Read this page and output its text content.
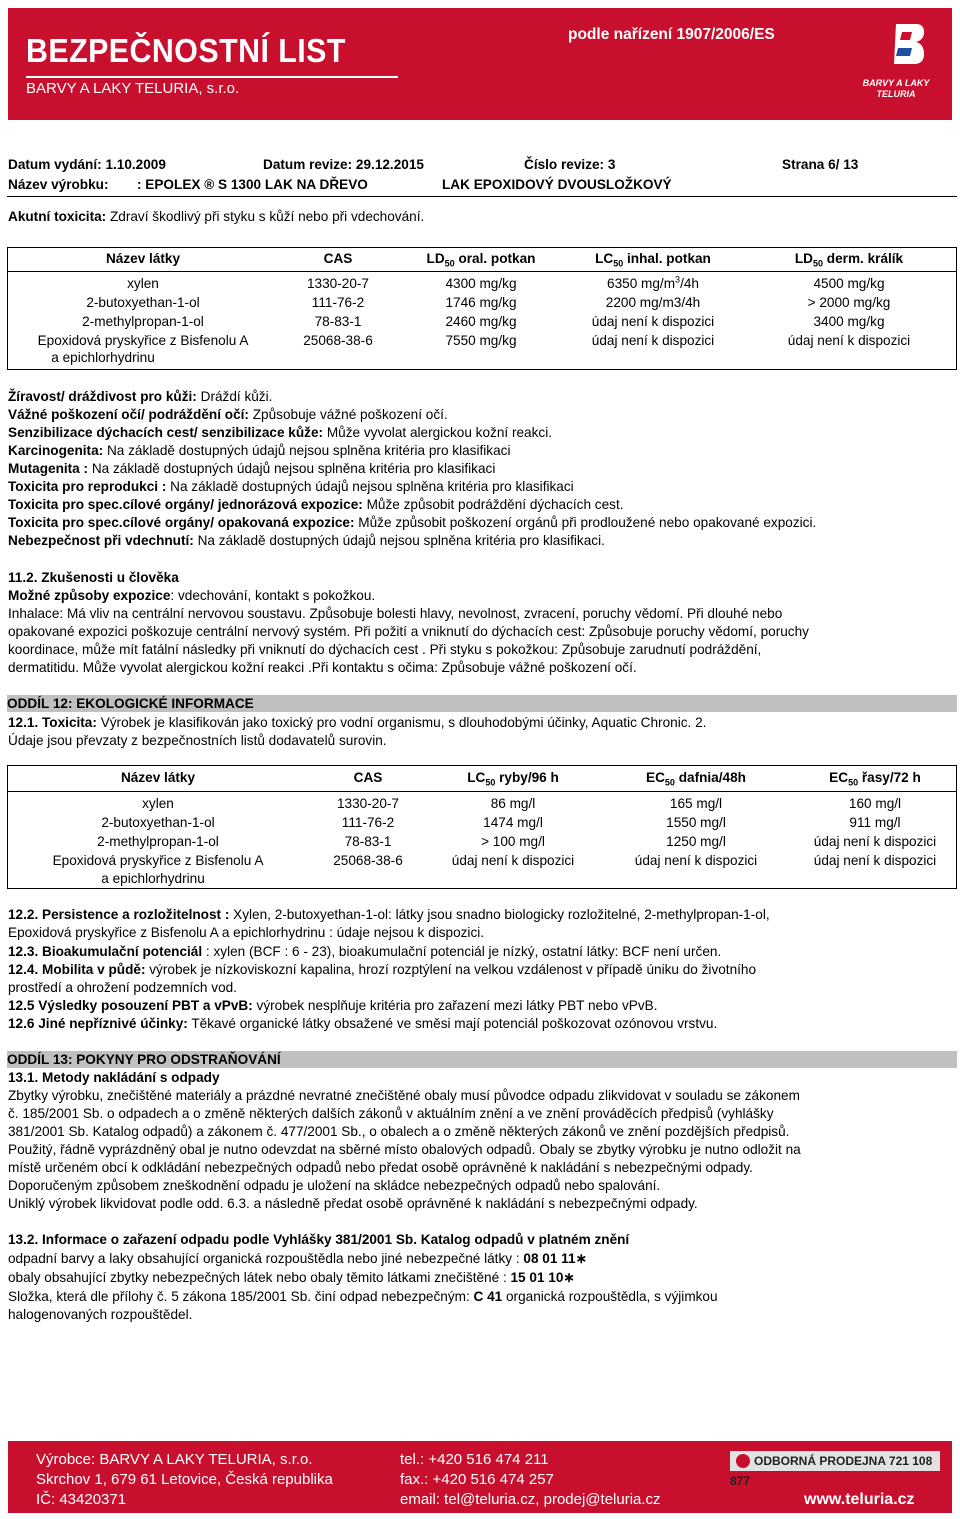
BEZPEČNOSTNÍ LIST
BARVY A LAKY TELURIA, s.r.o.
podle nařízení 1907/2006/ES
BARVY A LAKY
TELURIA
Datum vydání: 1.10.2009	Datum revize: 29.12.2015	Číslo revize: 3	Strana 6/ 13
Název výrobku: : EPOLEX ® S 1300 LAK NA DŘEVO	LAK EPOXIDOVÝ DVOUSLOŽKOVÝ
Akutní toxicita: Zdraví škodlivý při styku s kůží nebo při vdechování.
Název látky	CAS	$LD_{50}$ oral. potkan	$LC_{50}$ inhal. potkan	$LD_{50}$ derm. králík
xylen	1330-20-7	4300 mg/kg	6350 $mg/m^3/4h$	4500 mg/kg
2-butoxyethan-1-ol	111-76-2	1746 mg/kg	2200 mg/m3/4h	> 2000 mg/kg
2-methylpropan-1-ol	78-83-1	2460 mg/kg	údaj není k dispozici	3400 mg/kg
Epoxidová pryskyřice z Bisfenolu A
a epichlorhydrinu
25068-38-6	7550 mg/kg	údaj není k dispozici	údaj není k dispozici
Žíravost/ dráždivost pro kůži: Dráždí kůži.
Vážné poškození očí/ podráždění očí: Způsobuje vážné poškození očí.
Senzibilizace dýchacích cest/ senzibilizace kůže: Může vyvolat alergickou kožní reakci.
Karcinogenita: Na základě dostupných údajů nejsou splněna kritéria pro klasifikaci
Mutagenita : Na základě dostupných údajů nejsou splněna kritéria pro klasifikaci
Toxicita pro reprodukci : Na základě dostupných údajů nejsou splněna kritéria pro klasifikaci
Toxicita pro spec.cílové orgány/ jednorázová expozice: Může způsobit podráždění dýchacích cest.
Toxicita pro spec.cílové orgány/ opakovaná expozice: Může způsobit poškození orgánů při prodloužené nebo opakované expozici.
Nebezpečnost při vdechnutí: Na základě dostupných údajů nejsou splněna kritéria pro klasifikaci.
11.2. Zkušenosti u člověka
Možné způsoby expozice: vdechování, kontakt s pokožkou.
Inhalace: Má vliv na centrální nervovou soustavu. Způsobuje bolesti hlavy, nevolnost, zvracení, poruchy vědomí. Při dlouhé nebo
opakované expozici poškozuje centrální nervový systém. Při požití a vniknutí do dýchacích cest: Způsobuje poruchy vědomí, poruchy
koordinace, může mít fatální následky při vniknutí do dýchacích cest . Při styku s pokožkou: Způsobuje zarudnutí podráždění,
dermatitidu. Může vyvolat alergickou kožní reakci .Při kontaktu s očima: Způsobuje vážné poškození očí.
ODDÍL 12: EKOLOGICKÉ INFORMACE
12.1. Toxicita: Výrobek je klasifikován jako toxický pro vodní organismu, s dlouhodobými účinky, Aquatic Chronic. 2.
Údaje jsou převzaty z bezpečnostních listů dodavatelů surovin.
Název látky	CAS	$LC_{50}$ ryby/96 h	$EC_{50}$ dafnia/48h	$EC_{50}$ řasy/72 h
xylen	1330-20-7	86 mg/l	165 mg/l	160 mg/l
2-butoxyethan-1-ol	111-76-2	1474 mg/l	1550 mg/l	911 mg/l
2-methylpropan-1-ol	78-83-1	> 100 mg/l	1250 mg/l	údaj není k dispozici
Epoxidová pryskyřice z Bisfenolu A
a epichlorhydrinu
25068-38-6	údaj není k dispozici	údaj není k dispozici	údaj není k dispozici
12.2. Persistence a rozložitelnost : Xylen, 2-butoxyethan-1-ol: látky jsou snadno biologicky rozložitelné, 2-methylpropan-1-ol,
Epoxidová pryskyřice z Bisfenolu A a epichlorhydrinu : údaje nejsou k dispozici.
12.3. Bioakumulační potenciál : xylen (BCF : 6 - 23), bioakumulační potenciál je nízký, ostatní látky: BCF není určen.
12.4. Mobilita v půdě: výrobek je nízkoviskozní kapalina, hrozí rozptýlení na velkou vzdálenost v případě úniku do životního
prostředí a ohrožení podzemních vod.
12.5 Výsledky posouzení PBT a vPvB: výrobek nesplňuje kritéria pro zařazení mezi látky PBT nebo vPvB.
12.6 Jiné nepříznivé účinky: Těkavé organické látky obsažené ve směsi mají potenciál poškozovat ozónovou vrstvu.
ODDÍL 13: POKYNY PRO ODSTRAŇOVÁNÍ
13.1. Metody nakládání s odpady
Zbytky výrobku, znečištěné materiály a prázdné nevratné znečištěné obaly musí původce odpadu zlikvidovat v souladu se zákonem
č. 185/2001 Sb. o odpadech a o změně některých dalších zákonů v aktuálním znění a ve znění prováděcích předpisů (vyhlášky
381/2001 Sb. Katalog odpadů) a zákonem č. 477/2001 Sb., o obalech a o změně některých zákonů ve znění pozdějších předpisů.
Použitý, řádně vyprázdněný obal je nutno odevzdat na sběrné místo obalových odpadů. Obaly se zbytky výrobku je nutno odložit na
místě určeném obcí k odkládání nebezpečných odpadů nebo předat osobě oprávněné k nakládání s nebezpečnými odpady.
Doporučeným způsobem zneškodnění odpadu je uložení na skládce nebezpečných odpadů nebo spalování.
Uniklý výrobek likvidovat podle odd. 6.3. a následně předat osobě oprávněné k nakládání s nebezpečnými odpady.
13.2. Informace o zařazení odpadu podle Vyhlášky 381/2001 Sb. Katalog odpadů v platném znění
odpadní barvy a laky obsahující organická rozpouštědla nebo jiné nebezpečné látky : 08 01 11∗
obaly obsahující zbytky nebezpečných látek nebo obaly těmito látkami znečištěné : 15 01 10∗
Složka, která dle přílohy č. 5 zákona 185/2001 Sb. činí odpad nebezpečným: C 41 organická rozpouštědla, s výjimkou
halogenovaných rozpouštědel.
Výrobce: BARVY A LAKY TELURIA, s.r.o.
Skrchov 1, 679 61 Letovice, Česká republika
IČ: 43420371
tel.: +420 516 474 211
fax.: +420 516 474 257
email: tel@teluria.cz, prodej@teluria.cz
ODBORNÁ PRODEJNA 721 108 877
www.teluria.cz
